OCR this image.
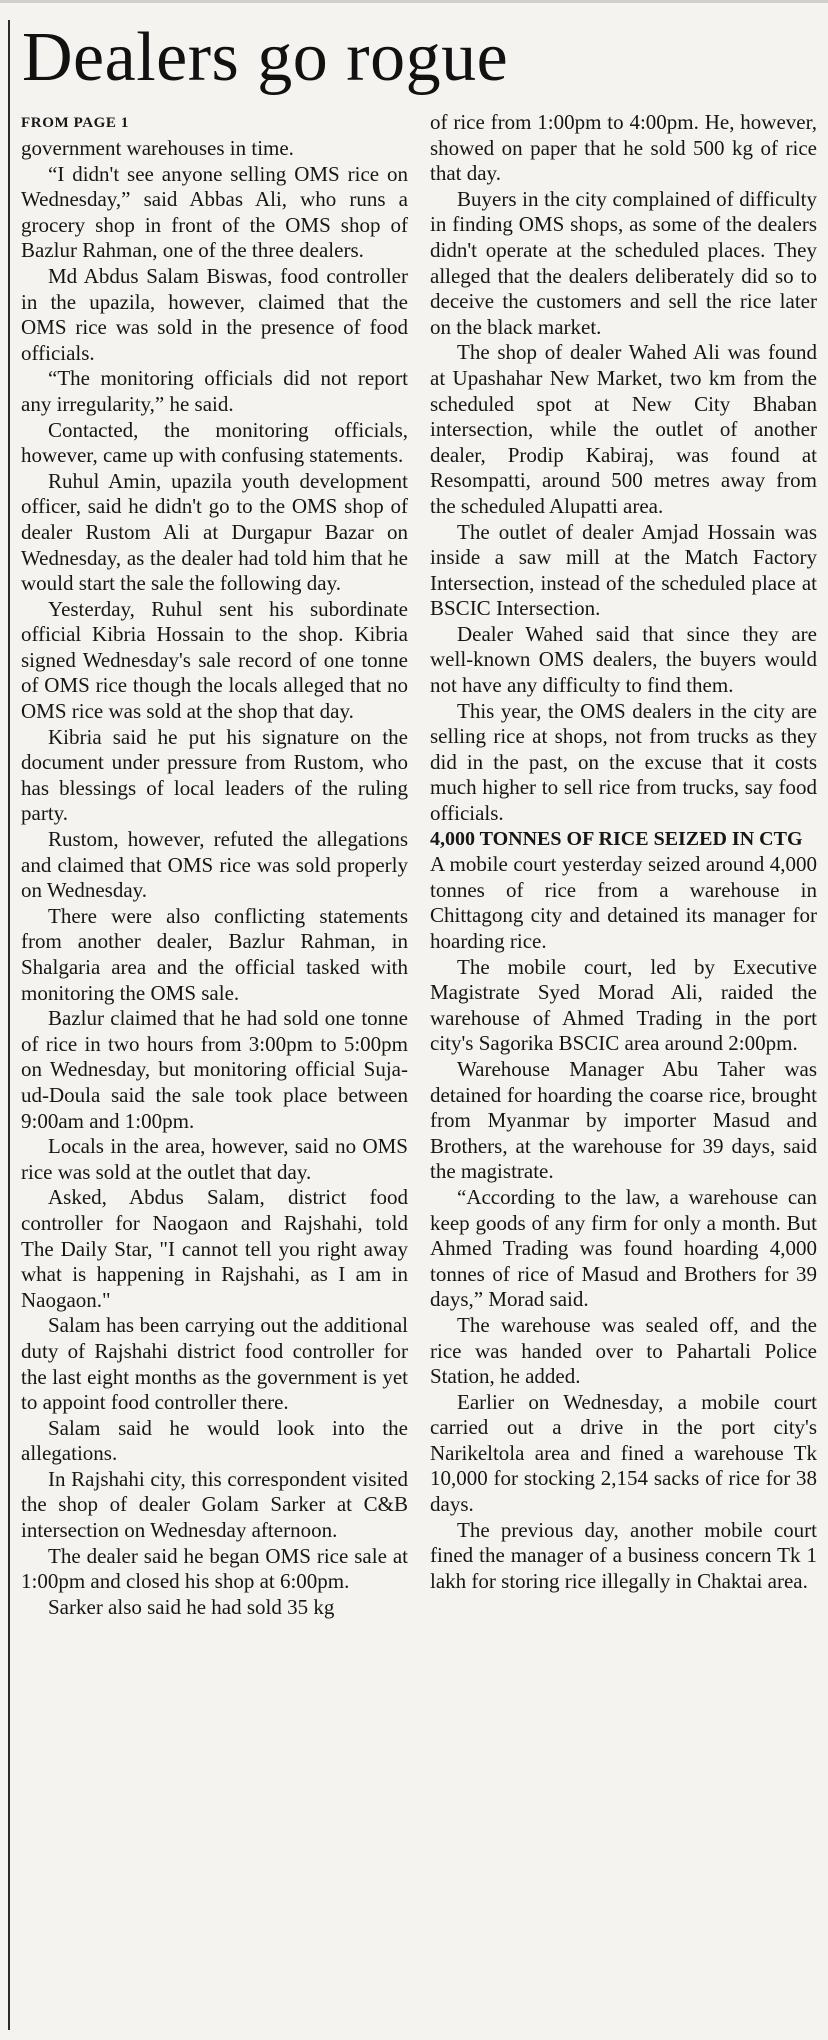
Dealers go rogue

FROM PAGE 1

government warehouses in time.

“I didn't see anyone selling OMS rice on Wednesday,” said Abbas Ali, who runs a grocery shop in front of the OMS shop of Bazlur Rahman, one of the three dealers.

Md Abdus Salam Biswas, food controller in the upazila, however, claimed that the OMS rice was sold in the presence of food officials.

“The monitoring officials did not report any irregularity,” he said.

Contacted, the monitoring officials, however, came up with confusing statements.

Ruhul Amin, upazila youth development officer, said he didn't go to the OMS shop of dealer Rustom Ali at Durgapur Bazar on Wednesday, as the dealer had told him that he would start the sale the following day.

Yesterday, Ruhul sent his subordinate official Kibria Hossain to the shop. Kibria signed Wednesday's sale record of one tonne of OMS rice though the locals alleged that no OMS rice was sold at the shop that day.

Kibria said he put his signature on the document under pressure from Rustom, who has blessings of local leaders of the ruling party.

Rustom, however, refuted the allegations and claimed that OMS rice was sold properly on Wednesday.

There were also conflicting statements from another dealer, Bazlur Rahman, in Shalgaria area and the official tasked with monitoring the OMS sale.

Bazlur claimed that he had sold one tonne of rice in two hours from 3:00pm to 5:00pm on Wednesday, but monitoring official Suja-ud-Doula said the sale took place between 9:00am and 1:00pm.

Locals in the area, however, said no OMS rice was sold at the outlet that day.

Asked, Abdus Salam, district food controller for Naogaon and Rajshahi, told The Daily Star, "I cannot tell you right away what is happening in Rajshahi, as I am in Naogaon."

Salam has been carrying out the additional duty of Rajshahi district food controller for the last eight months as the government is yet to appoint food controller there.

Salam said he would look into the allegations.

In Rajshahi city, this correspondent visited the shop of dealer Golam Sarker at C&B intersection on Wednesday afternoon.

The dealer said he began OMS rice sale at 1:00pm and closed his shop at 6:00pm.

Sarker also said he had sold 35 kg

of rice from 1:00pm to 4:00pm. He, however, showed on paper that he sold 500 kg of rice that day.

Buyers in the city complained of difficulty in finding OMS shops, as some of the dealers didn't operate at the scheduled places. They alleged that the dealers deliberately did so to deceive the customers and sell the rice later on the black market.

The shop of dealer Wahed Ali was found at Upashahar New Market, two km from the scheduled spot at New City Bhaban intersection, while the outlet of another dealer, Prodip Kabiraj, was found at Resompatti, around 500 metres away from the scheduled Alupatti area.

The outlet of dealer Amjad Hossain was inside a saw mill at the Match Factory Intersection, instead of the scheduled place at BSCIC Intersection.

Dealer Wahed said that since they are well-known OMS dealers, the buyers would not have any difficulty to find them.

This year, the OMS dealers in the city are selling rice at shops, not from trucks as they did in the past, on the excuse that it costs much higher to sell rice from trucks, say food officials.

4,000 TONNES OF RICE SEIZED IN CTG

A mobile court yesterday seized around 4,000 tonnes of rice from a warehouse in Chittagong city and detained its manager for hoarding rice.

The mobile court, led by Executive Magistrate Syed Morad Ali, raided the warehouse of Ahmed Trading in the port city's Sagorika BSCIC area around 2:00pm.

Warehouse Manager Abu Taher was detained for hoarding the coarse rice, brought from Myanmar by importer Masud and Brothers, at the warehouse for 39 days, said the magistrate.

“According to the law, a warehouse can keep goods of any firm for only a month. But Ahmed Trading was found hoarding 4,000 tonnes of rice of Masud and Brothers for 39 days,” Morad said.

The warehouse was sealed off, and the rice was handed over to Pahartali Police Station, he added.

Earlier on Wednesday, a mobile court carried out a drive in the port city's Narikeltola area and fined a warehouse Tk 10,000 for stocking 2,154 sacks of rice for 38 days.

The previous day, another mobile court fined the manager of a business concern Tk 1 lakh for storing rice illegally in Chaktai area.
